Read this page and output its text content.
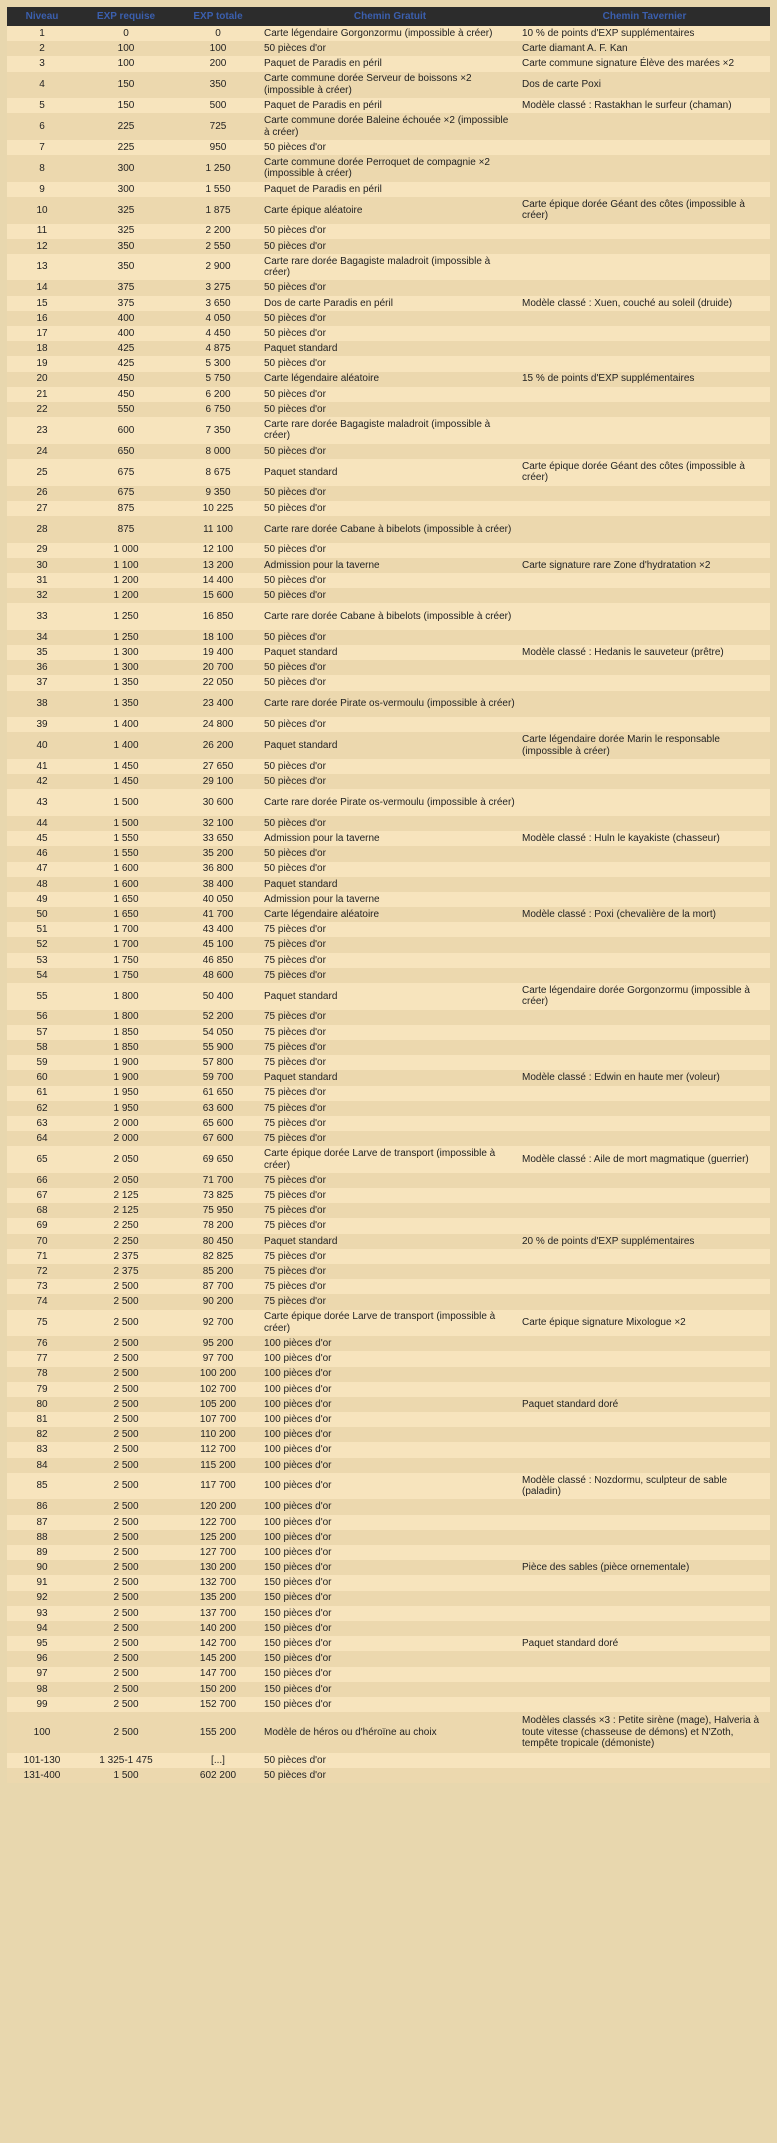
Niveau	EXP requise	EXP totale	Chemin Gratuit	Chemin Tavernier
1	0	0	Carte légendaire Gorgonzormu (impossible à créer)	10 % de points d'EXP supplémentaires
2	100	100	50 pièces d'or	Carte diamant A. F. Kan
3	100	200	Paquet de Paradis en péril	Carte commune signature Élève des marées ×2
4	150	350	Carte commune dorée Serveur de boissons ×2 (impossible à créer)	Dos de carte Poxi
5	150	500	Paquet de Paradis en péril	Modèle classé : Rastakhan le surfeur (chaman)
6	225	725	Carte commune dorée Baleine échouée ×2 (impossible à créer)	
7	225	950	50 pièces d'or	
8	300	1 250	Carte commune dorée Perroquet de compagnie ×2 (impossible à créer)	
9	300	1 550	Paquet de Paradis en péril	
10	325	1 875	Carte épique aléatoire	Carte épique dorée Géant des côtes (impossible à créer)
11	325	2 200	50 pièces d'or	
12	350	2 550	50 pièces d'or	
13	350	2 900	Carte rare dorée Bagagiste maladroit (impossible à créer)	
14	375	3 275	50 pièces d'or	
15	375	3 650	Dos de carte Paradis en péril	Modèle classé : Xuen, couché au soleil (druide)
16	400	4 050	50 pièces d'or	
17	400	4 450	50 pièces d'or	
18	425	4 875	Paquet standard	
19	425	5 300	50 pièces d'or	
20	450	5 750	Carte légendaire aléatoire	15 % de points d'EXP supplémentaires
21	450	6 200	50 pièces d'or	
22	550	6 750	50 pièces d'or	
23	600	7 350	Carte rare dorée Bagagiste maladroit (impossible à créer)	
24	650	8 000	50 pièces d'or	
25	675	8 675	Paquet standard	Carte épique dorée Géant des côtes (impossible à créer)
26	675	9 350	50 pièces d'or	
27	875	10 225	50 pièces d'or	
28	875	11 100	Carte rare dorée Cabane à bibelots (impossible à créer)	
29	1 000	12 100	50 pièces d'or	
30	1 100	13 200	Admission pour la taverne	Carte signature rare Zone d'hydratation ×2
31	1 200	14 400	50 pièces d'or	
32	1 200	15 600	50 pièces d'or	
33	1 250	16 850	Carte rare dorée Cabane à bibelots (impossible à créer)	
34	1 250	18 100	50 pièces d'or	
35	1 300	19 400	Paquet standard	Modèle classé : Hedanis le sauveteur (prêtre)
36	1 300	20 700	50 pièces d'or	
37	1 350	22 050	50 pièces d'or	
38	1 350	23 400	Carte rare dorée Pirate os-vermoulu (impossible à créer)	
39	1 400	24 800	50 pièces d'or	
40	1 400	26 200	Paquet standard	Carte légendaire dorée Marin le responsable (impossible à créer)
41	1 450	27 650	50 pièces d'or	
42	1 450	29 100	50 pièces d'or	
43	1 500	30 600	Carte rare dorée Pirate os-vermoulu (impossible à créer)	
44	1 500	32 100	50 pièces d'or	
45	1 550	33 650	Admission pour la taverne	Modèle classé : Huln le kayakiste (chasseur)
46	1 550	35 200	50 pièces d'or	
47	1 600	36 800	50 pièces d'or	
48	1 600	38 400	Paquet standard	
49	1 650	40 050	Admission pour la taverne	
50	1 650	41 700	Carte légendaire aléatoire	Modèle classé : Poxi (chevalière de la mort)
51	1 700	43 400	75 pièces d'or	
52	1 700	45 100	75 pièces d'or	
53	1 750	46 850	75 pièces d'or	
54	1 750	48 600	75 pièces d'or	
55	1 800	50 400	Paquet standard	Carte légendaire dorée Gorgonzormu (impossible à créer)
56	1 800	52 200	75 pièces d'or	
57	1 850	54 050	75 pièces d'or	
58	1 850	55 900	75 pièces d'or	
59	1 900	57 800	75 pièces d'or	
60	1 900	59 700	Paquet standard	Modèle classé : Edwin en haute mer (voleur)
61	1 950	61 650	75 pièces d'or	
62	1 950	63 600	75 pièces d'or	
63	2 000	65 600	75 pièces d'or	
64	2 000	67 600	75 pièces d'or	
65	2 050	69 650	Carte épique dorée Larve de transport (impossible à créer)	Modèle classé : Aile de mort magmatique (guerrier)
66	2 050	71 700	75 pièces d'or	
67	2 125	73 825	75 pièces d'or	
68	2 125	75 950	75 pièces d'or	
69	2 250	78 200	75 pièces d'or	
70	2 250	80 450	Paquet standard	20 % de points d'EXP supplémentaires
71	2 375	82 825	75 pièces d'or	
72	2 375	85 200	75 pièces d'or	
73	2 500	87 700	75 pièces d'or	
74	2 500	90 200	75 pièces d'or	
75	2 500	92 700	Carte épique dorée Larve de transport (impossible à créer)	Carte épique signature Mixologue ×2
76	2 500	95 200	100 pièces d'or	
77	2 500	97 700	100 pièces d'or	
78	2 500	100 200	100 pièces d'or	
79	2 500	102 700	100 pièces d'or	
80	2 500	105 200	100 pièces d'or	Paquet standard doré
81	2 500	107 700	100 pièces d'or	
82	2 500	110 200	100 pièces d'or	
83	2 500	112 700	100 pièces d'or	
84	2 500	115 200	100 pièces d'or	
85	2 500	117 700	100 pièces d'or	Modèle classé : Nozdormu, sculpteur de sable (paladin)
86	2 500	120 200	100 pièces d'or	
87	2 500	122 700	100 pièces d'or	
88	2 500	125 200	100 pièces d'or	
89	2 500	127 700	100 pièces d'or	
90	2 500	130 200	150 pièces d'or	Pièce des sables (pièce ornementale)
91	2 500	132 700	150 pièces d'or	
92	2 500	135 200	150 pièces d'or	
93	2 500	137 700	150 pièces d'or	
94	2 500	140 200	150 pièces d'or	
95	2 500	142 700	150 pièces d'or	Paquet standard doré
96	2 500	145 200	150 pièces d'or	
97	2 500	147 700	150 pièces d'or	
98	2 500	150 200	150 pièces d'or	
99	2 500	152 700	150 pièces d'or	
100	2 500	155 200	Modèle de héros ou d'héroïne au choix	Modèles classés ×3 : Petite sirène (mage), Halveria à toute vitesse (chasseuse de démons) et N'Zoth, tempête tropicale (démoniste)
101-130	1 325-1 475	[...]	50 pièces d'or	
131-400	1 500	602 200	50 pièces d'or	
